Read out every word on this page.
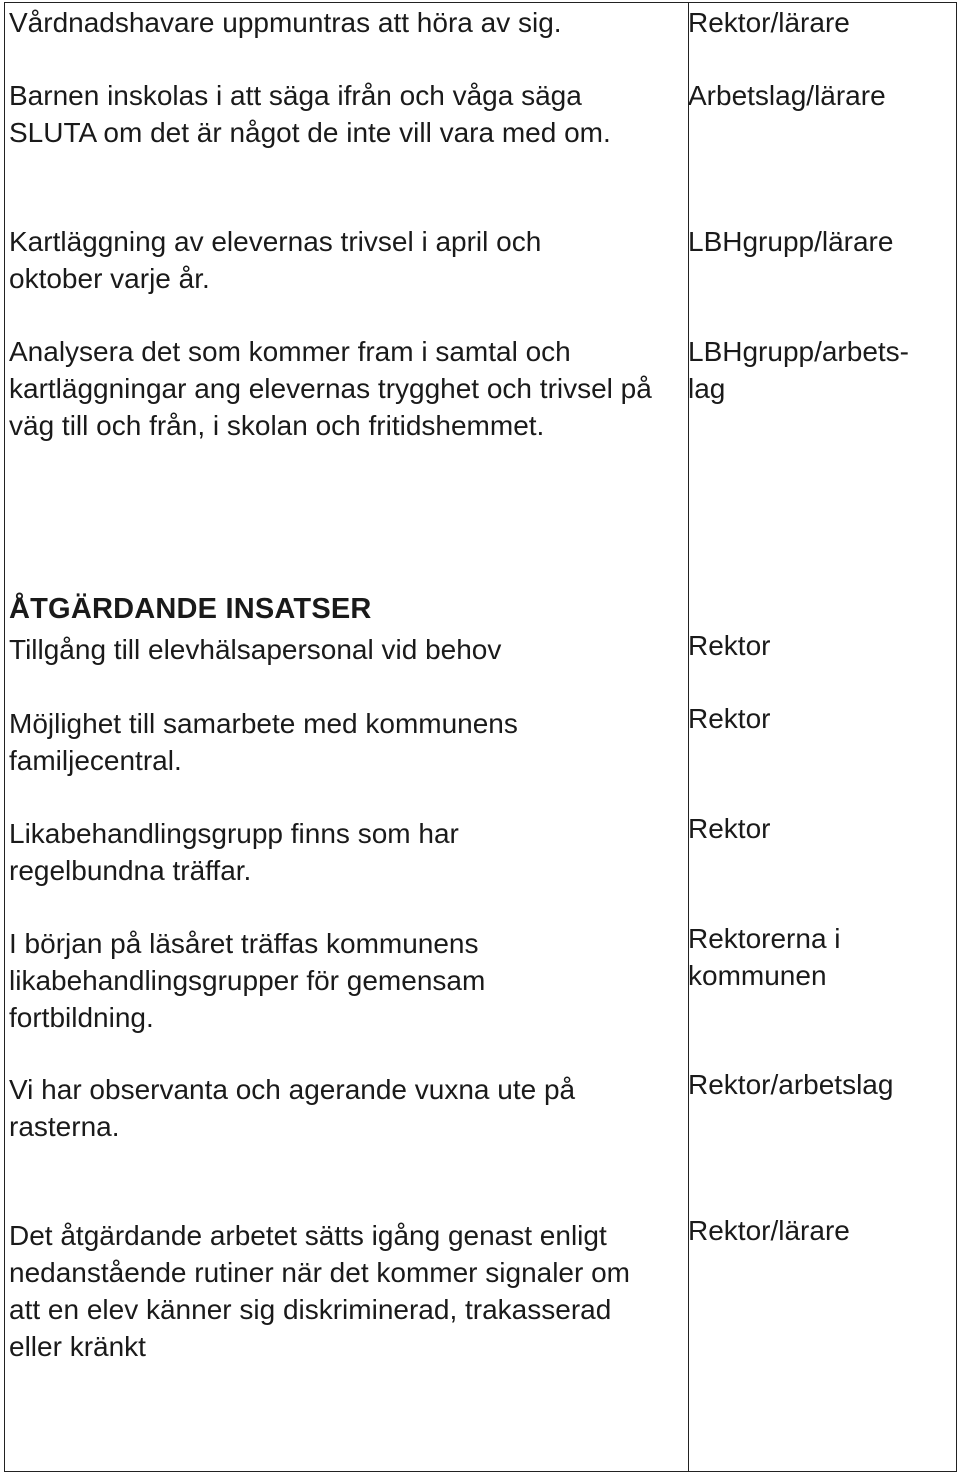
Vårdnadshavare uppmuntras att höra av sig.

Barnen inskolas i att säga ifrån och våga säga SLUTA om det är något de inte vill vara med om.

Kartläggning av elevernas trivsel i april och oktober varje år.

Analysera det som kommer fram i samtal och kartläggningar ang elevernas trygghet och trivsel på väg till och från, i skolan och fritidshemmet.

Rektor/lärare

Arbetslag/lärare

LBHgrupp/lärare

LBHgrupp/arbets-lag

ÅTGÄRDANDE INSATSER

Tillgång till elevhälsapersonal vid behov

Möjlighet till samarbete med kommunens familjecentral.

Likabehandlingsgrupp finns som har regelbundna träffar.

I början på läsåret träffas kommunens likabehandlingsgrupper för gemensam fortbildning.

Vi har observanta och agerande vuxna ute på rasterna.

Rektor

Rektor

Rektor

Rektorerna i kommunen

Rektor/arbetslag

Det åtgärdande arbetet sätts igång genast enligt nedanstående rutiner när det kommer signaler om att en elev känner sig diskriminerad, trakasserad eller kränkt

Rektor/lärare
